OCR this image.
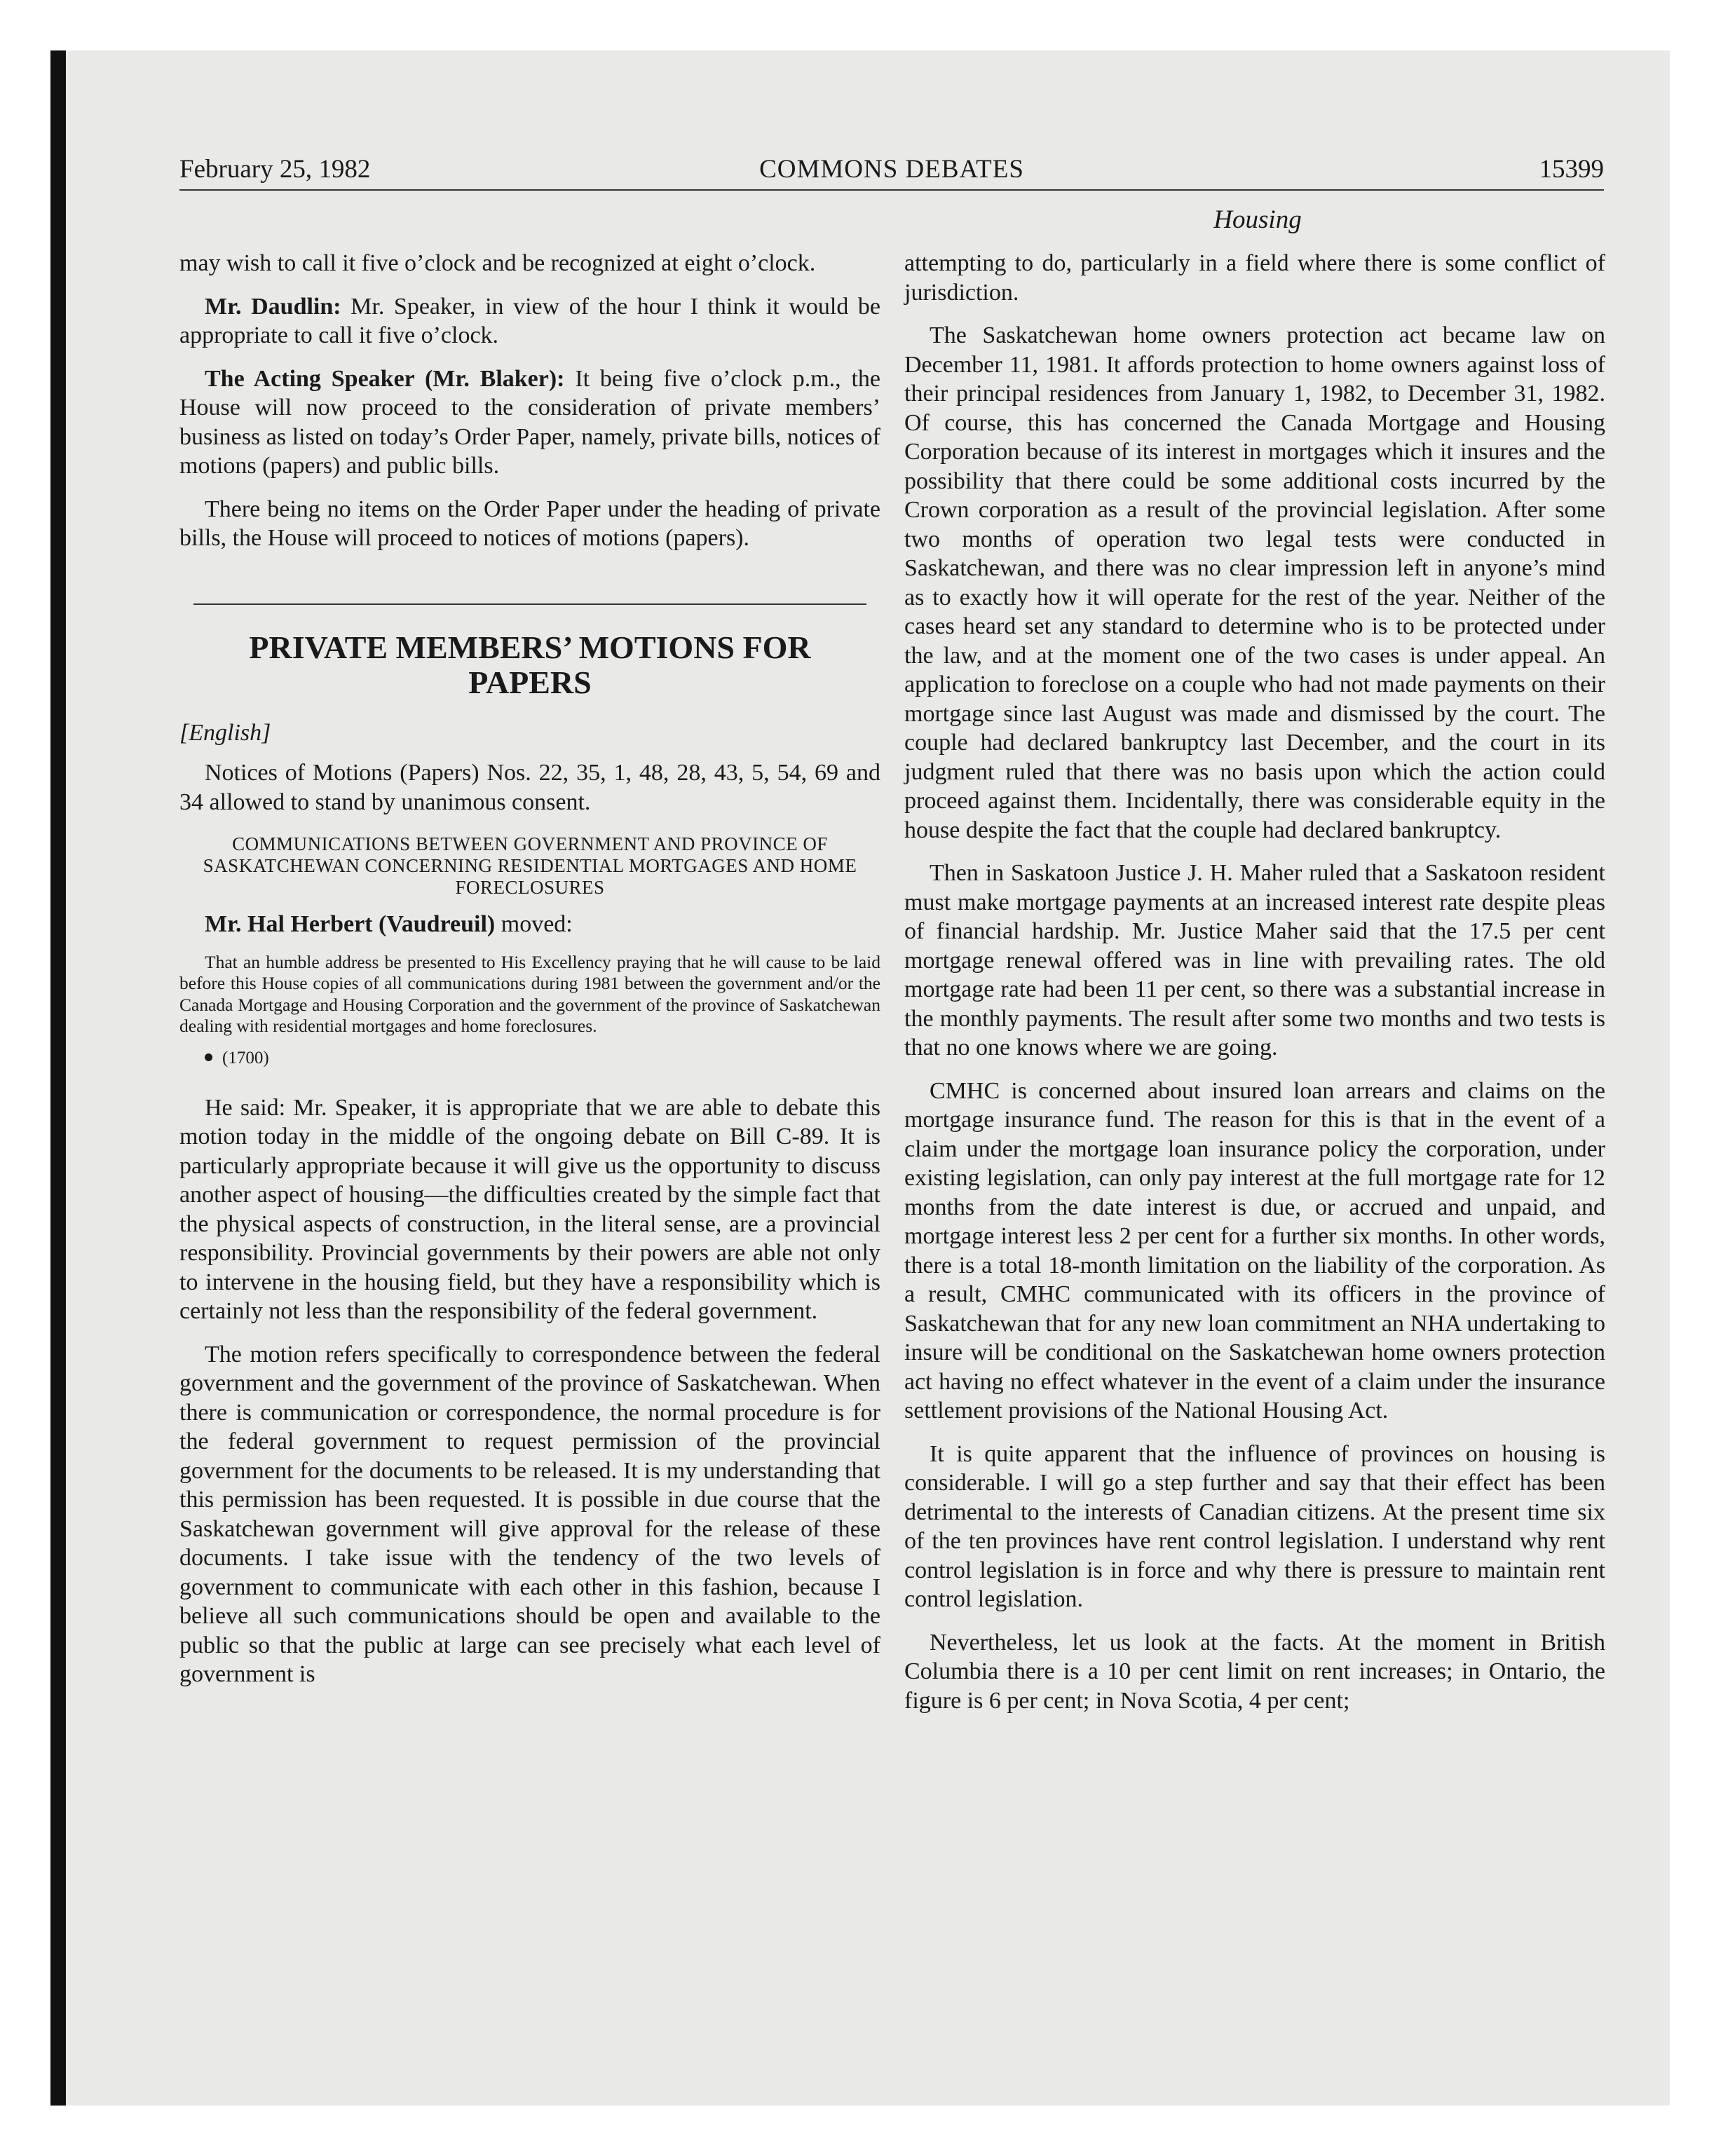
February 25, 1982	COMMONS DEBATES	15399
Housing

may wish to call it five o’clock and be recognized at eight o’clock.

Mr. Daudlin: Mr. Speaker, in view of the hour I think it would be appropriate to call it five o’clock.

The Acting Speaker (Mr. Blaker): It being five o’clock p.m., the House will now proceed to the consideration of private members’ business as listed on today’s Order Paper, namely, private bills, notices of motions (papers) and public bills.

There being no items on the Order Paper under the heading of private bills, the House will proceed to notices of motions (papers).

PRIVATE MEMBERS’ MOTIONS FOR PAPERS

[English]

Notices of Motions (Papers) Nos. 22, 35, 1, 48, 28, 43, 5, 54, 69 and 34 allowed to stand by unanimous consent.

COMMUNICATIONS BETWEEN GOVERNMENT AND PROVINCE OF SASKATCHEWAN CONCERNING RESIDENTIAL MORTGAGES AND HOME FORECLOSURES

Mr. Hal Herbert (Vaudreuil) moved:

That an humble address be presented to His Excellency praying that he will cause to be laid before this House copies of all communications during 1981 between the government and/or the Canada Mortgage and Housing Corporation and the government of the province of Saskatchewan dealing with residential mortgages and home foreclosures.

(1700)

He said: Mr. Speaker, it is appropriate that we are able to debate this motion today in the middle of the ongoing debate on Bill C-89. It is particularly appropriate because it will give us the opportunity to discuss another aspect of housing—the difficulties created by the simple fact that the physical aspects of construction, in the literal sense, are a provincial responsibility. Provincial governments by their powers are able not only to intervene in the housing field, but they have a responsibility which is certainly not less than the responsibility of the federal government.

The motion refers specifically to correspondence between the federal government and the government of the province of Saskatchewan. When there is communication or correspondence, the normal procedure is for the federal government to request permission of the provincial government for the documents to be released. It is my understanding that this permission has been requested. It is possible in due course that the Saskatchewan government will give approval for the release of these documents. I take issue with the tendency of the two levels of government to communicate with each other in this fashion, because I believe all such communications should be open and available to the public so that the public at large can see precisely what each level of government is

attempting to do, particularly in a field where there is some conflict of jurisdiction.

The Saskatchewan home owners protection act became law on December 11, 1981. It affords protection to home owners against loss of their principal residences from January 1, 1982, to December 31, 1982. Of course, this has concerned the Canada Mortgage and Housing Corporation because of its interest in mortgages which it insures and the possibility that there could be some additional costs incurred by the Crown corporation as a result of the provincial legislation. After some two months of operation two legal tests were conducted in Saskatchewan, and there was no clear impression left in anyone’s mind as to exactly how it will operate for the rest of the year. Neither of the cases heard set any standard to determine who is to be protected under the law, and at the moment one of the two cases is under appeal. An application to foreclose on a couple who had not made payments on their mortgage since last August was made and dismissed by the court. The couple had declared bankruptcy last December, and the court in its judgment ruled that there was no basis upon which the action could proceed against them. Incidentally, there was considerable equity in the house despite the fact that the couple had declared bankruptcy.

Then in Saskatoon Justice J. H. Maher ruled that a Saskatoon resident must make mortgage payments at an increased interest rate despite pleas of financial hardship. Mr. Justice Maher said that the 17.5 per cent mortgage renewal offered was in line with prevailing rates. The old mortgage rate had been 11 per cent, so there was a substantial increase in the monthly payments. The result after some two months and two tests is that no one knows where we are going.

CMHC is concerned about insured loan arrears and claims on the mortgage insurance fund. The reason for this is that in the event of a claim under the mortgage loan insurance policy the corporation, under existing legislation, can only pay interest at the full mortgage rate for 12 months from the date interest is due, or accrued and unpaid, and mortgage interest less 2 per cent for a further six months. In other words, there is a total 18-month limitation on the liability of the corporation. As a result, CMHC communicated with its officers in the province of Saskatchewan that for any new loan commitment an NHA undertaking to insure will be conditional on the Saskatchewan home owners protection act having no effect whatever in the event of a claim under the insurance settlement provisions of the National Housing Act.

It is quite apparent that the influence of provinces on housing is considerable. I will go a step further and say that their effect has been detrimental to the interests of Canadian citizens. At the present time six of the ten provinces have rent control legislation. I understand why rent control legislation is in force and why there is pressure to maintain rent control legislation.

Nevertheless, let us look at the facts. At the moment in British Columbia there is a 10 per cent limit on rent increases; in Ontario, the figure is 6 per cent; in Nova Scotia, 4 per cent;
